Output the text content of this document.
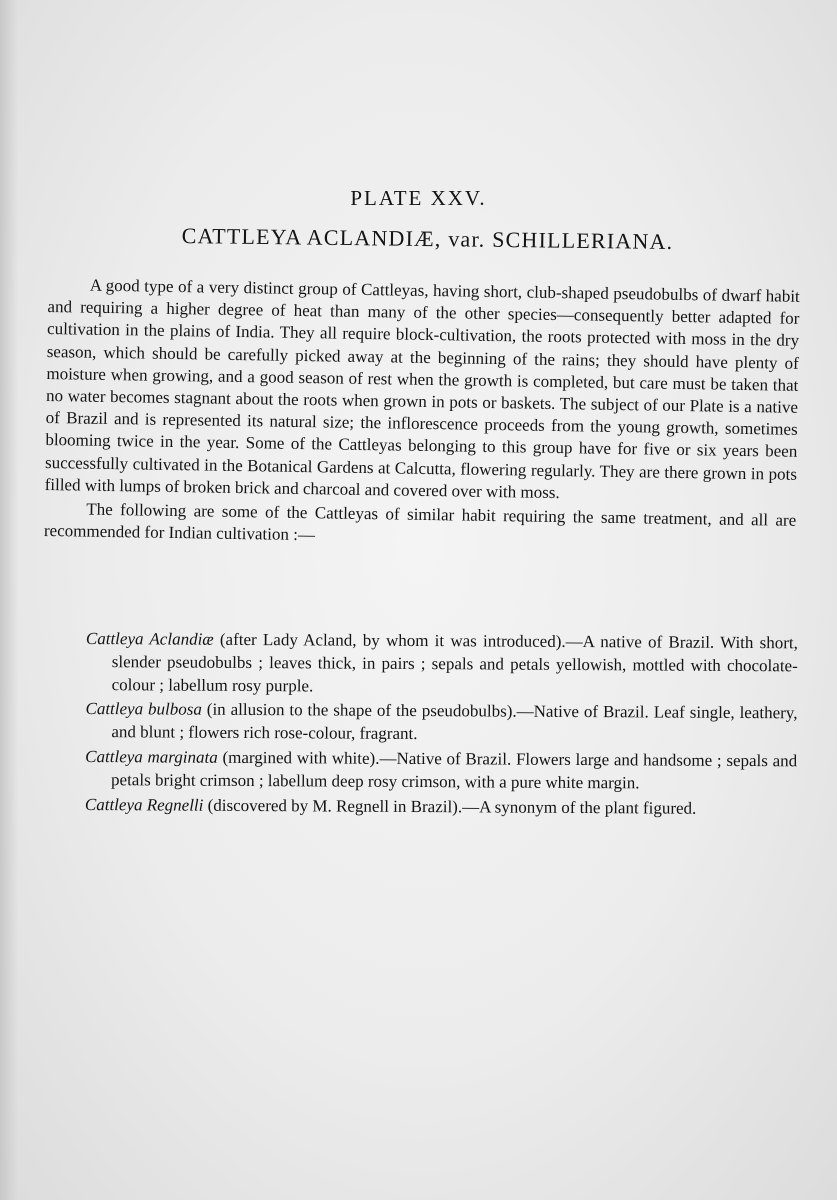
PLATE XXV.
CATTLEYA ACLANDIÆ, var. SCHILLERIANA.

A good type of a very distinct group of Cattleyas, having short, club-shaped pseudobulbs of dwarf habit and requiring a higher degree of heat than many of the other species—consequently better adapted for cultivation in the plains of India. They all require block-cultivation, the roots protected with moss in the dry season, which should be carefully picked away at the beginning of the rains; they should have plenty of moisture when growing, and a good season of rest when the growth is completed, but care must be taken that no water becomes stagnant about the roots when grown in pots or baskets. The subject of our Plate is a native of Brazil and is represented its natural size; the inflorescence proceeds from the young growth, sometimes blooming twice in the year. Some of the Cattleyas belonging to this group have for five or six years been successfully cultivated in the Botanical Gardens at Calcutta, flowering regularly. They are there grown in pots filled with lumps of broken brick and charcoal and covered over with moss.

The following are some of the Cattleyas of similar habit requiring the same treatment, and all are recommended for Indian cultivation :—

Cattleya Aclandiæ (after Lady Acland, by whom it was introduced).—A native of Brazil. With short, slender pseudobulbs ; leaves thick, in pairs ; sepals and petals yellowish, mottled with chocolate-colour ; labellum rosy purple.
Cattleya bulbosa (in allusion to the shape of the pseudobulbs).—Native of Brazil. Leaf single, leathery, and blunt ; flowers rich rose-colour, fragrant.
Cattleya marginata (margined with white).—Native of Brazil. Flowers large and handsome ; sepals and petals bright crimson ; labellum deep rosy crimson, with a pure white margin.
Cattleya Regnelli (discovered by M. Regnell in Brazil).—A synonym of the plant figured.
